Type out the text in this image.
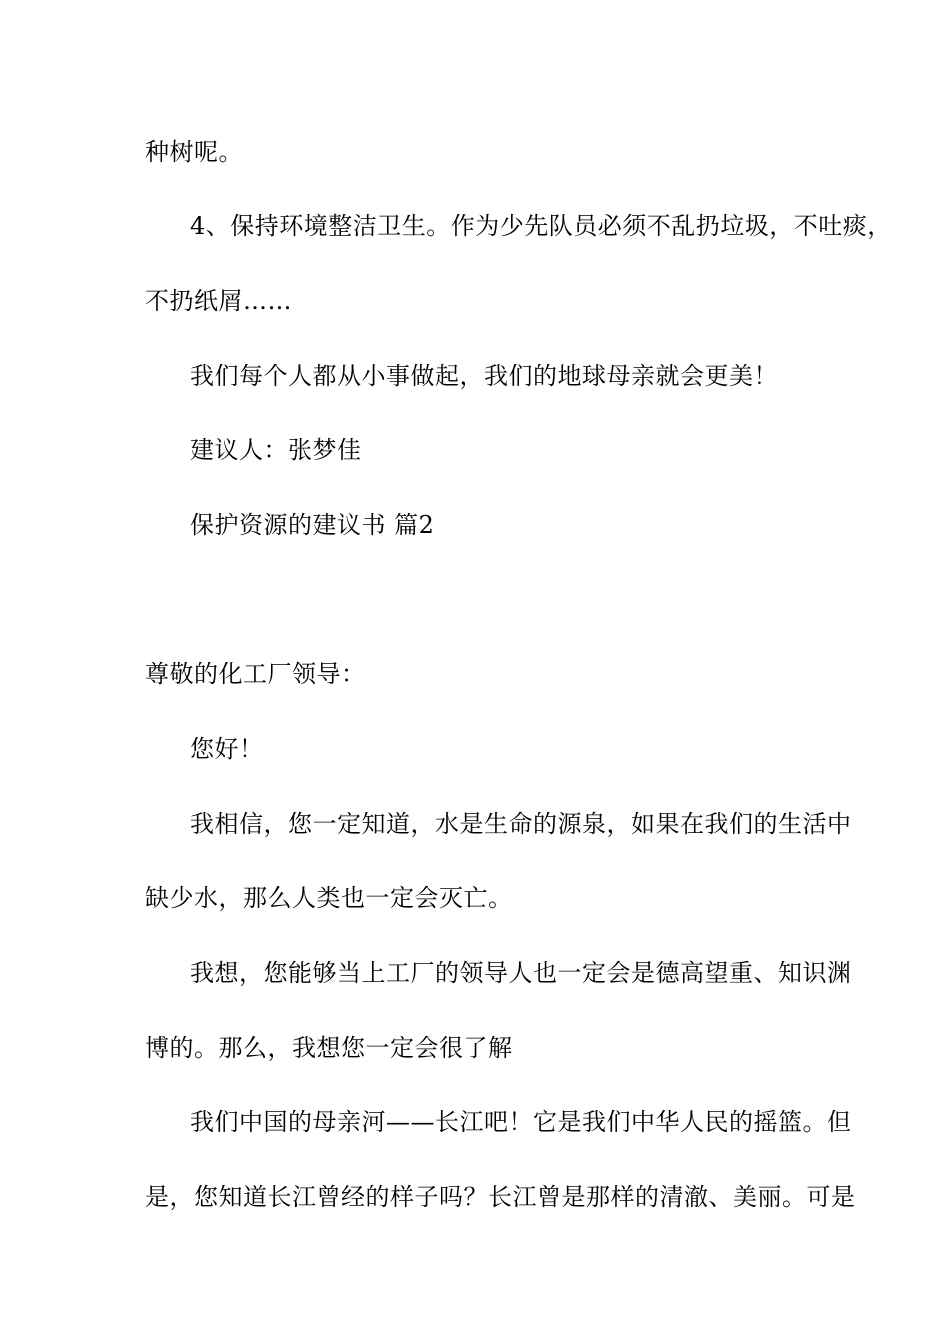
种树呢。
4、保持环境整洁卫生。作为少先队员必须不乱扔垃圾，不吐痰，
不扔纸屑……
我们每个人都从小事做起，我们的地球母亲就会更美！
建议人：张梦佳
保护资源的建议书 篇2
尊敬的化工厂领导：
您好！
我相信，您一定知道，水是生命的源泉，如果在我们的生活中
缺少水，那么人类也一定会灭亡。
我想，您能够当上工厂的领导人也一定会是德高望重、知识渊
博的。那么，我想您一定会很了解
我们中国的母亲河——长江吧！它是我们中华人民的摇篮。但
是，您知道长江曾经的样子吗？长江曾是那样的清澈、美丽。可是
